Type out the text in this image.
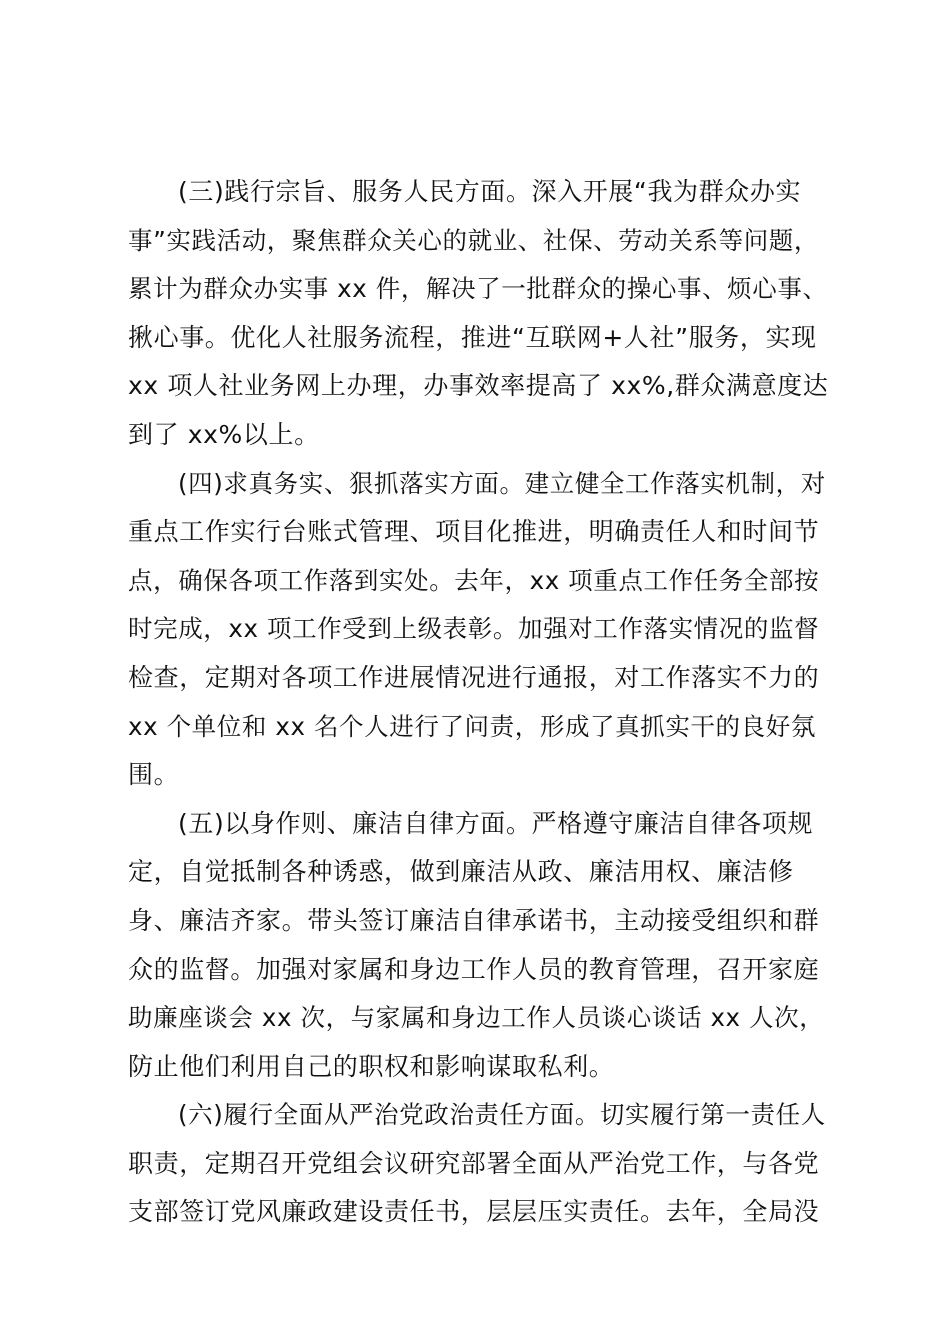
(三)践行宗旨、服务人民方面。深入开展“我为群众办实
事”实践活动，聚焦群众关心的就业、社保、劳动关系等问题，
累计为群众办实事 xx 件，解决了一批群众的操心事、烦心事、
揪心事。优化人社服务流程，推进“互联网+人社”服务，实现
xx 项人社业务网上办理，办事效率提高了 xx%,群众满意度达
到了 xx%以上。

(四)求真务实、狠抓落实方面。建立健全工作落实机制，对
重点工作实行台账式管理、项目化推进，明确责任人和时间节
点，确保各项工作落到实处。去年，xx 项重点工作任务全部按
时完成，xx 项工作受到上级表彰。加强对工作落实情况的监督
检查，定期对各项工作进展情况进行通报，对工作落实不力的
xx 个单位和 xx 名个人进行了问责，形成了真抓实干的良好氛
围。

(五)以身作则、廉洁自律方面。严格遵守廉洁自律各项规
定，自觉抵制各种诱惑，做到廉洁从政、廉洁用权、廉洁修
身、廉洁齐家。带头签订廉洁自律承诺书，主动接受组织和群
众的监督。加强对家属和身边工作人员的教育管理，召开家庭
助廉座谈会 xx 次，与家属和身边工作人员谈心谈话 xx 人次，
防止他们利用自己的职权和影响谋取私利。

(六)履行全面从严治党政治责任方面。切实履行第一责任人
职责，定期召开党组会议研究部署全面从严治党工作，与各党
支部签订党风廉政建设责任书，层层压实责任。去年，全局没
